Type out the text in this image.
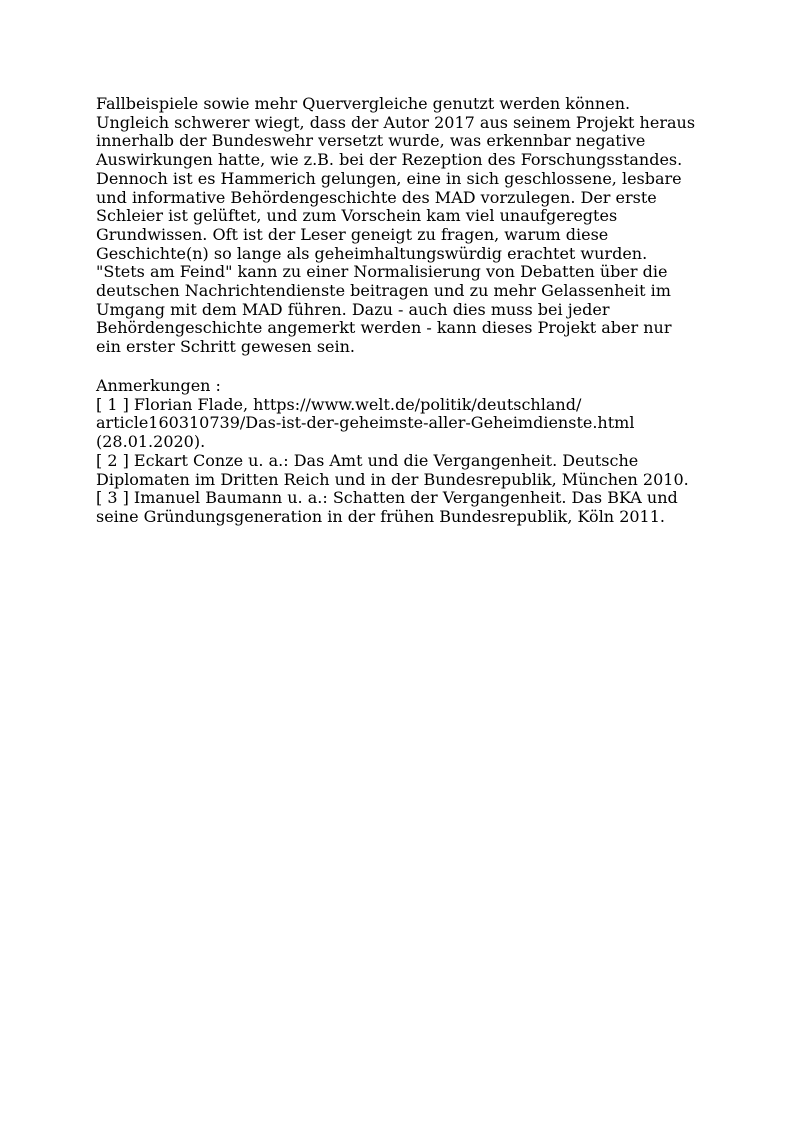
Fallbeispiele sowie mehr Quervergleiche genutzt werden können.
Ungleich schwerer wiegt, dass der Autor 2017 aus seinem Projekt heraus
innerhalb der Bundeswehr versetzt wurde, was erkennbar negative
Auswirkungen hatte, wie z.B. bei der Rezeption des Forschungsstandes.
Dennoch ist es Hammerich gelungen, eine in sich geschlossene, lesbare
und informative Behördengeschichte des MAD vorzulegen. Der erste
Schleier ist gelüftet, und zum Vorschein kam viel unaufgeregtes
Grundwissen. Oft ist der Leser geneigt zu fragen, warum diese
Geschichte(n) so lange als geheimhaltungswürdig erachtet wurden.
"Stets am Feind" kann zu einer Normalisierung von Debatten über die
deutschen Nachrichtendienste beitragen und zu mehr Gelassenheit im
Umgang mit dem MAD führen. Dazu - auch dies muss bei jeder
Behördengeschichte angemerkt werden - kann dieses Projekt aber nur
ein erster Schritt gewesen sein.
Anmerkungen :
[ 1 ] Florian Flade, https://www.welt.de/politik/deutschland/
article160310739/Das-ist-der-geheimste-aller-Geheimdienste.html
(28.01.2020).
[ 2 ] Eckart Conze u. a.: Das Amt und die Vergangenheit. Deutsche
Diplomaten im Dritten Reich und in der Bundesrepublik, München 2010.
[ 3 ] Imanuel Baumann u. a.: Schatten der Vergangenheit. Das BKA und
seine Gründungsgeneration in der frühen Bundesrepublik, Köln 2011.
